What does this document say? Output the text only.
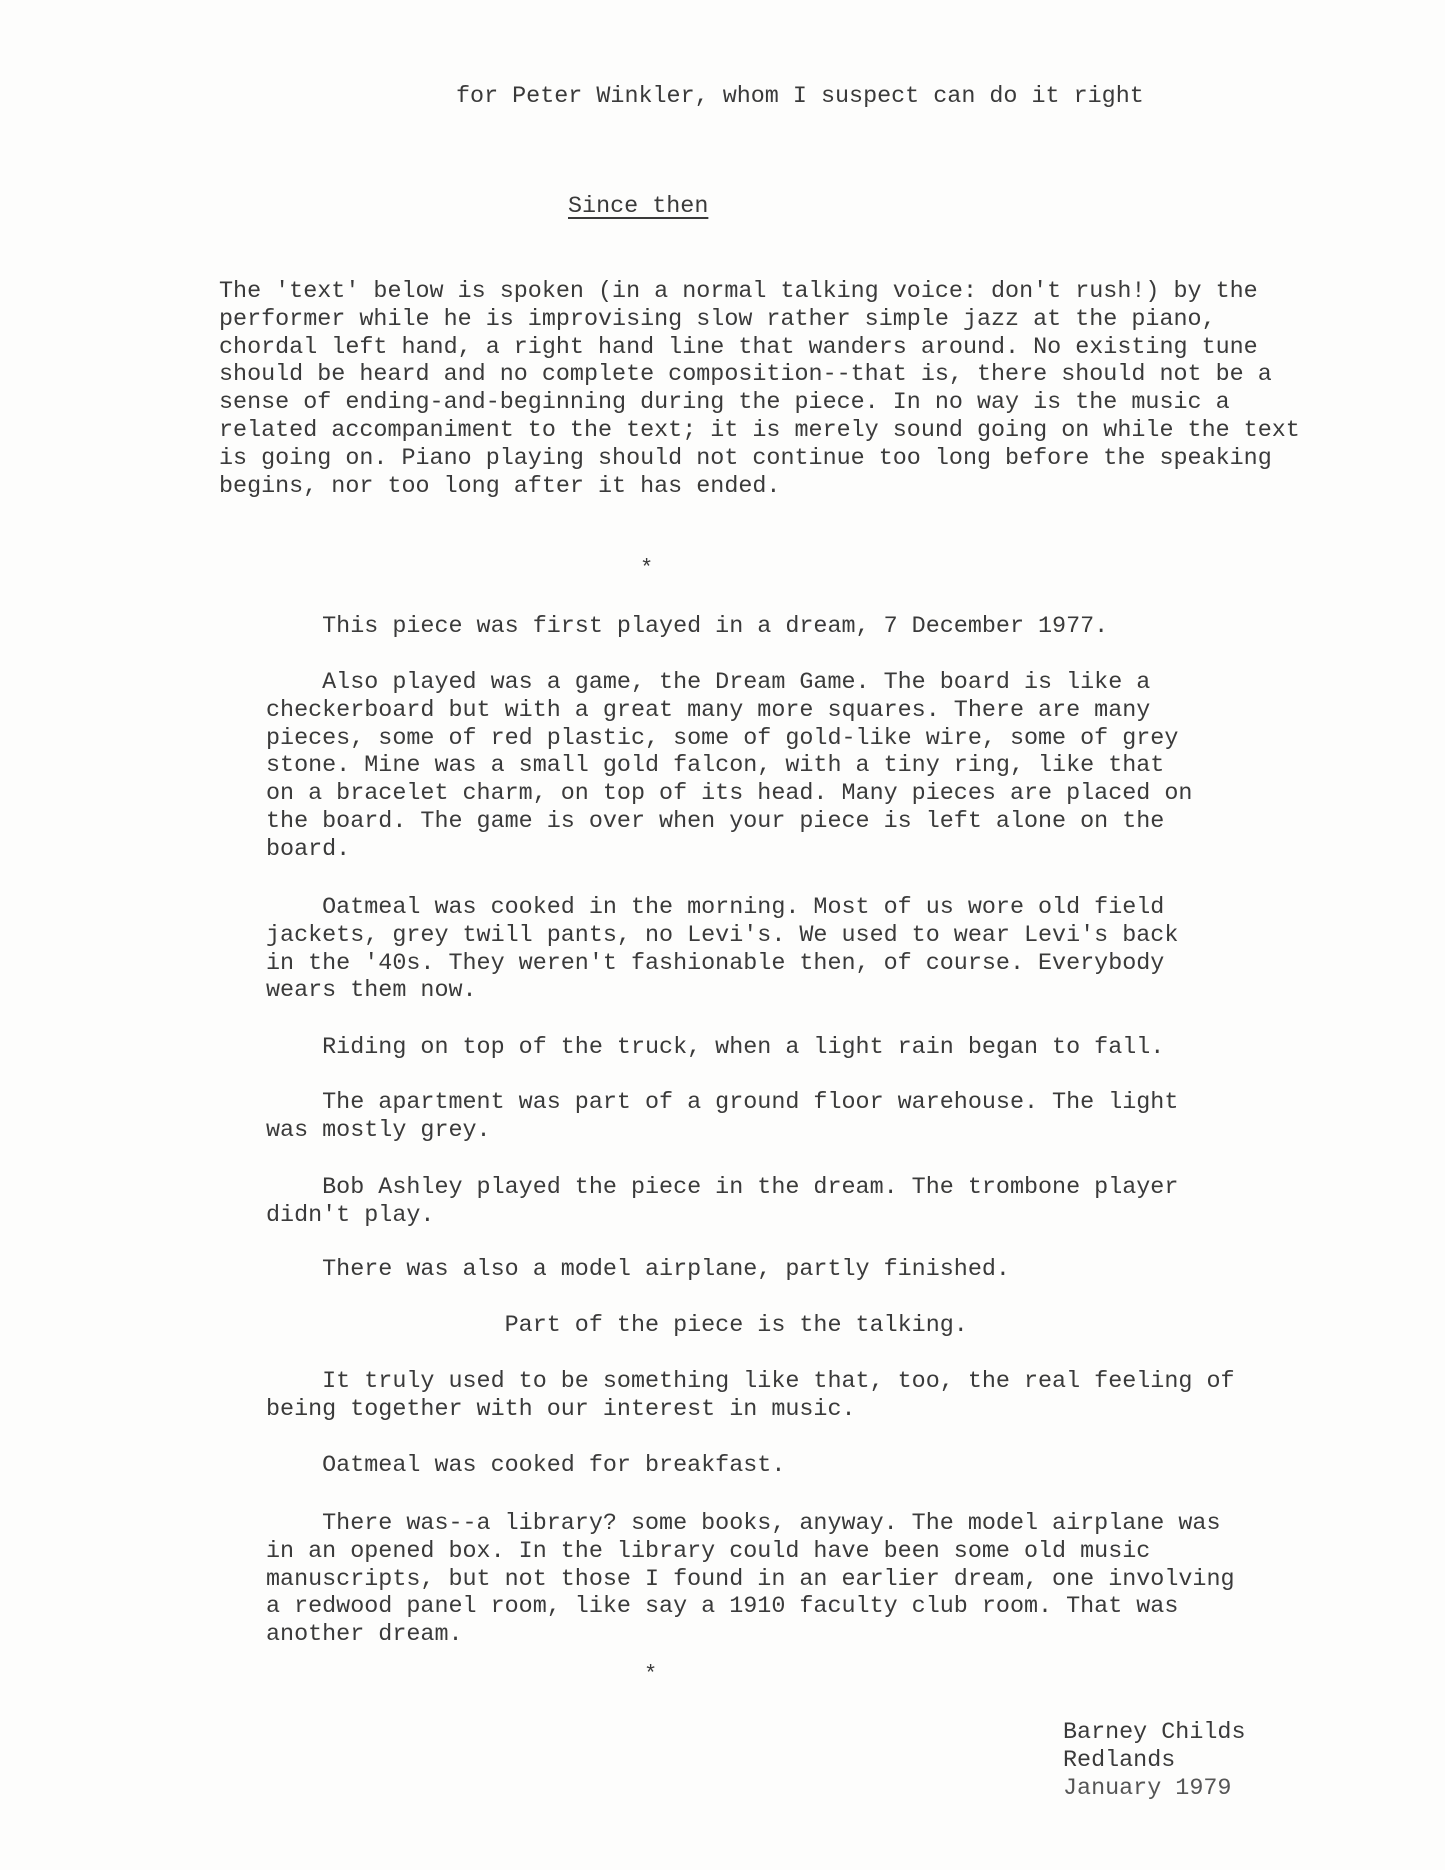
for Peter Winkler, whom I suspect can do it right
Since then
The 'text' below is spoken (in a normal talking voice: don't rush!) by the
performer while he is improvising slow rather simple jazz at the piano,
chordal left hand, a right hand line that wanders around. No existing tune
should be heard and no complete composition--that is, there should not be a
sense of ending-and-beginning during the piece. In no way is the music a
related accompaniment to the text; it is merely sound going on while the text
is going on. Piano playing should not continue too long before the speaking
begins, nor too long after it has ended.
*
This piece was first played in a dream, 7 December 1977.
Also played was a game, the Dream Game. The board is like a
checkerboard but with a great many more squares. There are many
pieces, some of red plastic, some of gold-like wire, some of grey
stone. Mine was a small gold falcon, with a tiny ring, like that
on a bracelet charm, on top of its head. Many pieces are placed on
the board. The game is over when your piece is left alone on the
board.
Oatmeal was cooked in the morning. Most of us wore old field
jackets, grey twill pants, no Levi's. We used to wear Levi's back
in the '40s. They weren't fashionable then, of course. Everybody
wears them now.
Riding on top of the truck, when a light rain began to fall.
The apartment was part of a ground floor warehouse. The light
was mostly grey.
Bob Ashley played the piece in the dream. The trombone player
didn't play.
There was also a model airplane, partly finished.
Part of the piece is the talking.
It truly used to be something like that, too, the real feeling of
being together with our interest in music.
Oatmeal was cooked for breakfast.
There was--a library? some books, anyway. The model airplane was
in an opened box. In the library could have been some old music
manuscripts, but not those I found in an earlier dream, one involving
a redwood panel room, like say a 1910 faculty club room. That was
another dream.
*
Barney Childs
Redlands
January 1979
